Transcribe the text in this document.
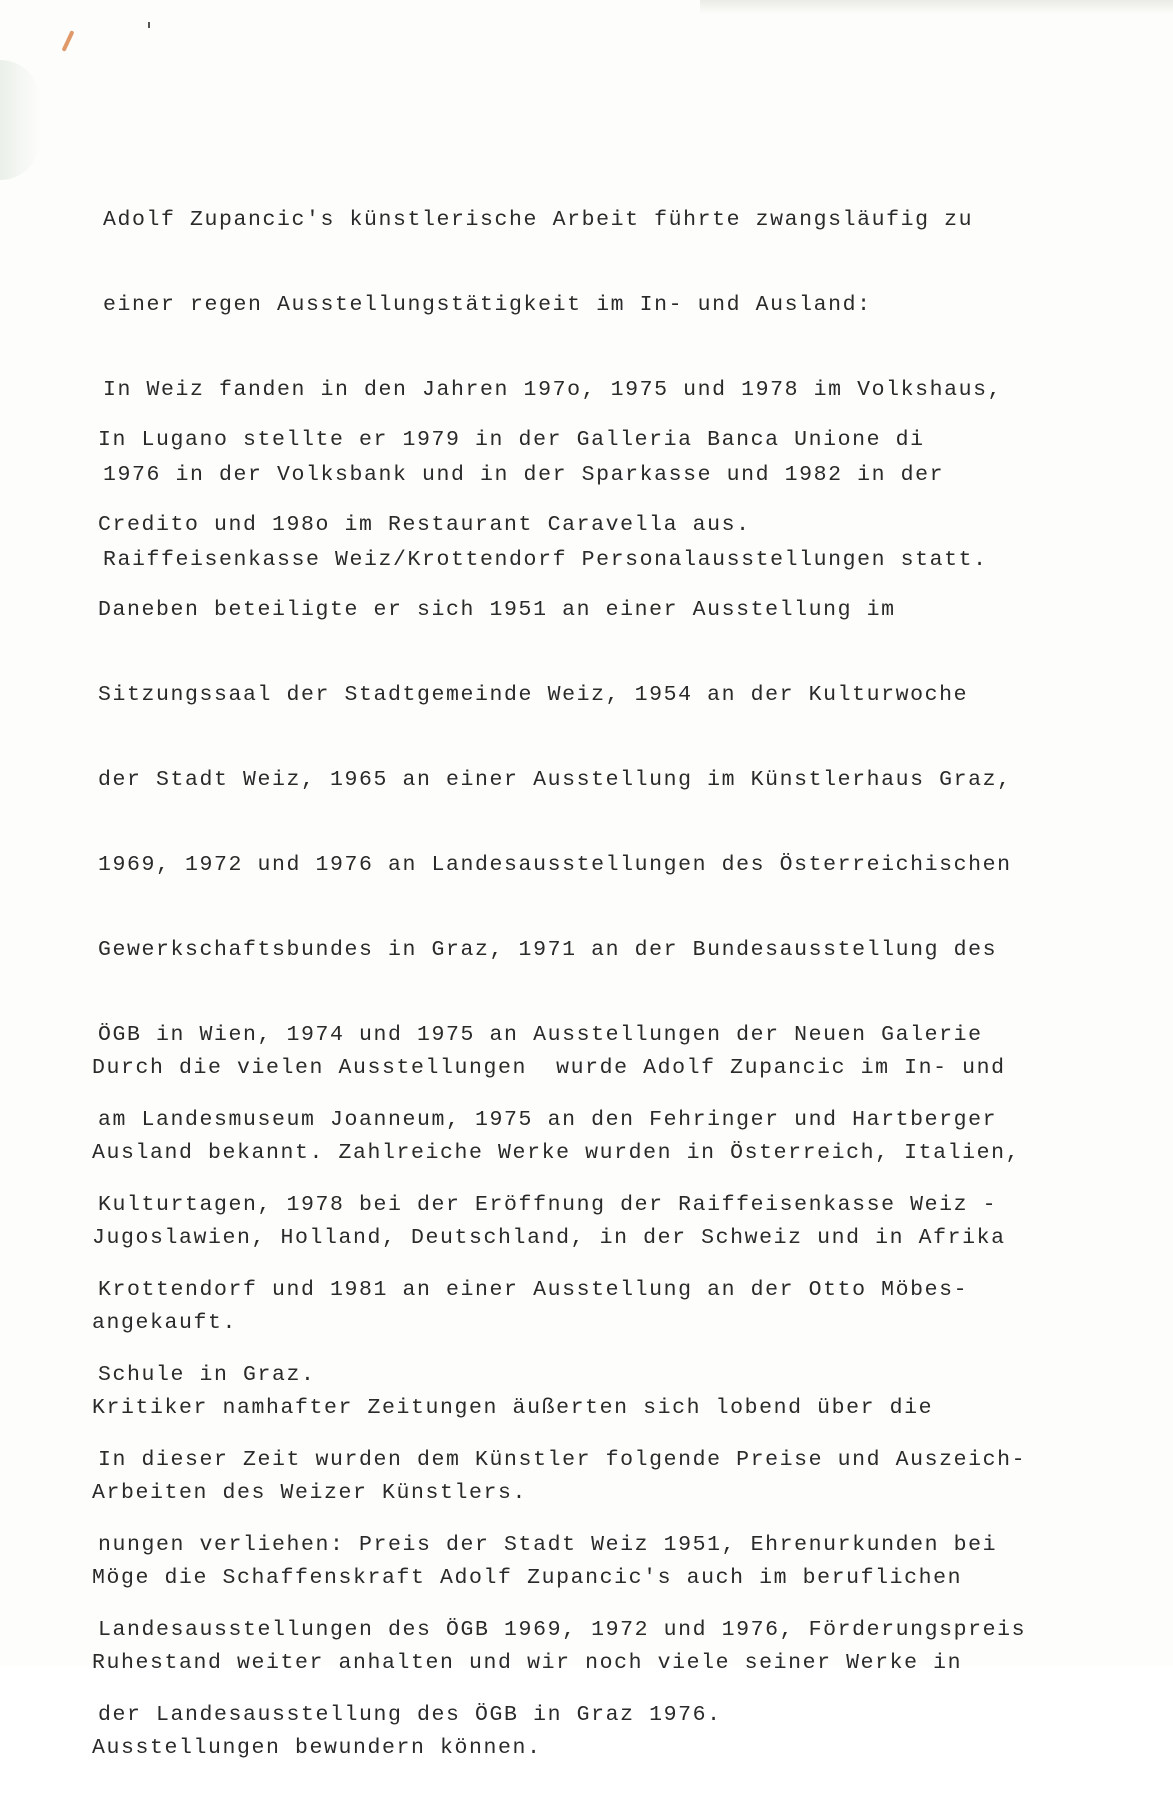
Adolf Zupancic's künstlerische Arbeit führte zwangsläufig zu

einer regen Ausstellungstätigkeit im In- und Ausland:

In Weiz fanden in den Jahren 197o, 1975 und 1978 im Volkshaus,

1976 in der Volksbank und in der Sparkasse und 1982 in der

Raiffeisenkasse Weiz/Krottendorf Personalausstellungen statt.

In Lugano stellte er 1979 in der Galleria Banca Unione di

Credito und 198o im Restaurant Caravella aus.

Daneben beteiligte er sich 1951 an einer Ausstellung im

Sitzungssaal der Stadtgemeinde Weiz, 1954 an der Kulturwoche

der Stadt Weiz, 1965 an einer Ausstellung im Künstlerhaus Graz,

1969, 1972 und 1976 an Landesausstellungen des Österreichischen

Gewerkschaftsbundes in Graz, 1971 an der Bundesausstellung des

ÖGB in Wien, 1974 und 1975 an Ausstellungen der Neuen Galerie

am Landesmuseum Joanneum, 1975 an den Fehringer und Hartberger

Kulturtagen, 1978 bei der Eröffnung der Raiffeisenkasse Weiz -

Krottendorf und 1981 an einer Ausstellung an der Otto Möbes-

Schule in Graz.

In dieser Zeit wurden dem Künstler folgende Preise und Auszeich-

nungen verliehen: Preis der Stadt Weiz 1951, Ehrenurkunden bei

Landesausstellungen des ÖGB 1969, 1972 und 1976, Förderungspreis

der Landesausstellung des ÖGB in Graz 1976.

Durch die vielen Ausstellungen  wurde Adolf Zupancic im In- und

Ausland bekannt. Zahlreiche Werke wurden in Österreich, Italien,

Jugoslawien, Holland, Deutschland, in der Schweiz und in Afrika

angekauft.

Kritiker namhafter Zeitungen äußerten sich lobend über die

Arbeiten des Weizer Künstlers.

Möge die Schaffenskraft Adolf Zupancic's auch im beruflichen

Ruhestand weiter anhalten und wir noch viele seiner Werke in

Ausstellungen bewundern können.
